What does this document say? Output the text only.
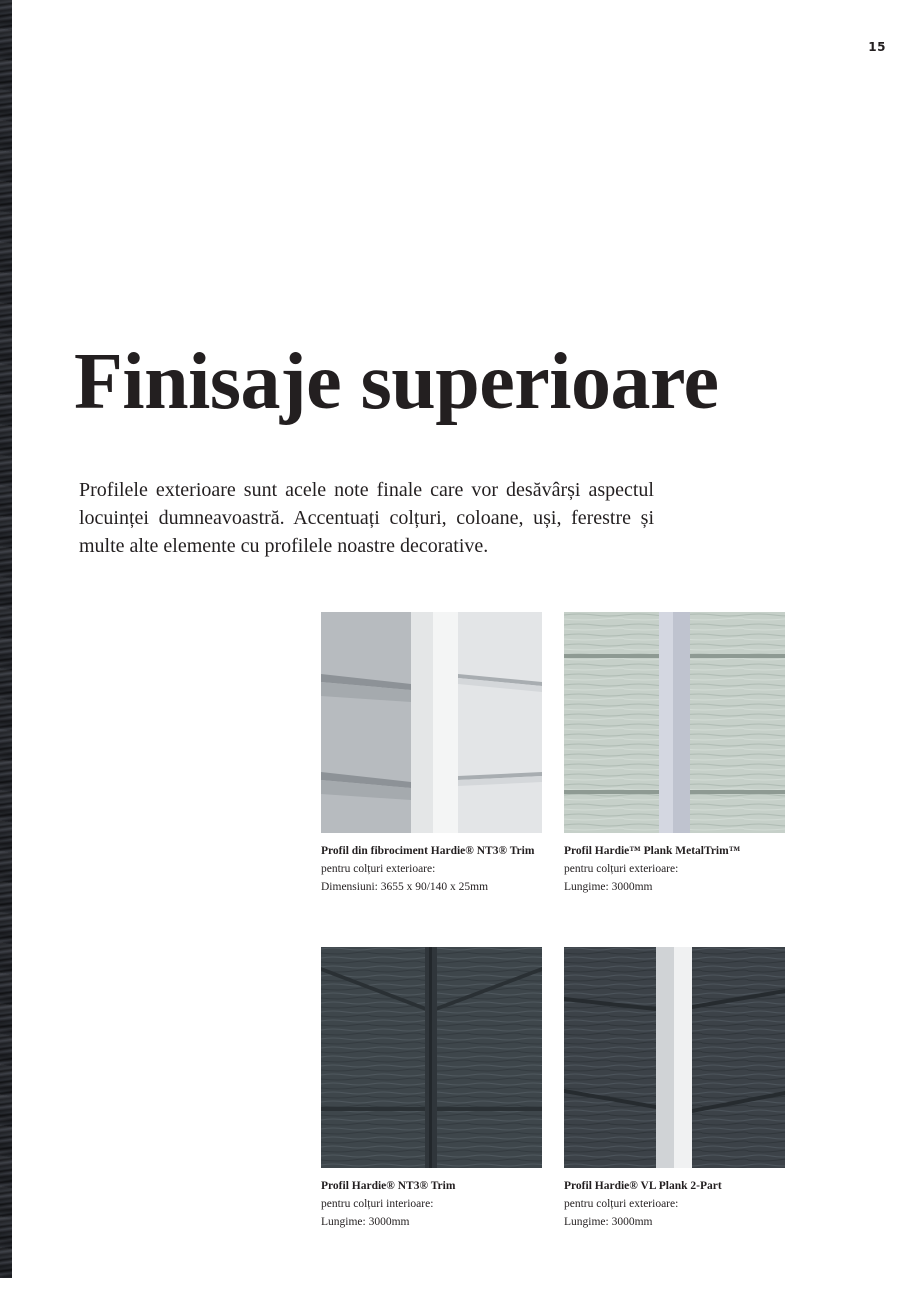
15
Finisaje superioare

Profilele exterioare sunt acele note finale care vor desăvârși aspectul locuinței dumneavoastră. Accentuați colțuri, coloane, uși, ferestre și multe alte elemente cu profilele noastre decorative.

Profil din fibrociment Hardie® NT3® Trim
pentru colțuri exterioare:
Dimensiuni: 3655 x 90/140 x 25mm
Profil Hardie™ Plank MetalTrim™
pentru colțuri exterioare:
Lungime: 3000mm
Profil Hardie® NT3® Trim
pentru colțuri interioare:
Lungime: 3000mm
Profil Hardie® VL Plank 2-Part
pentru colțuri exterioare:
Lungime: 3000mm
